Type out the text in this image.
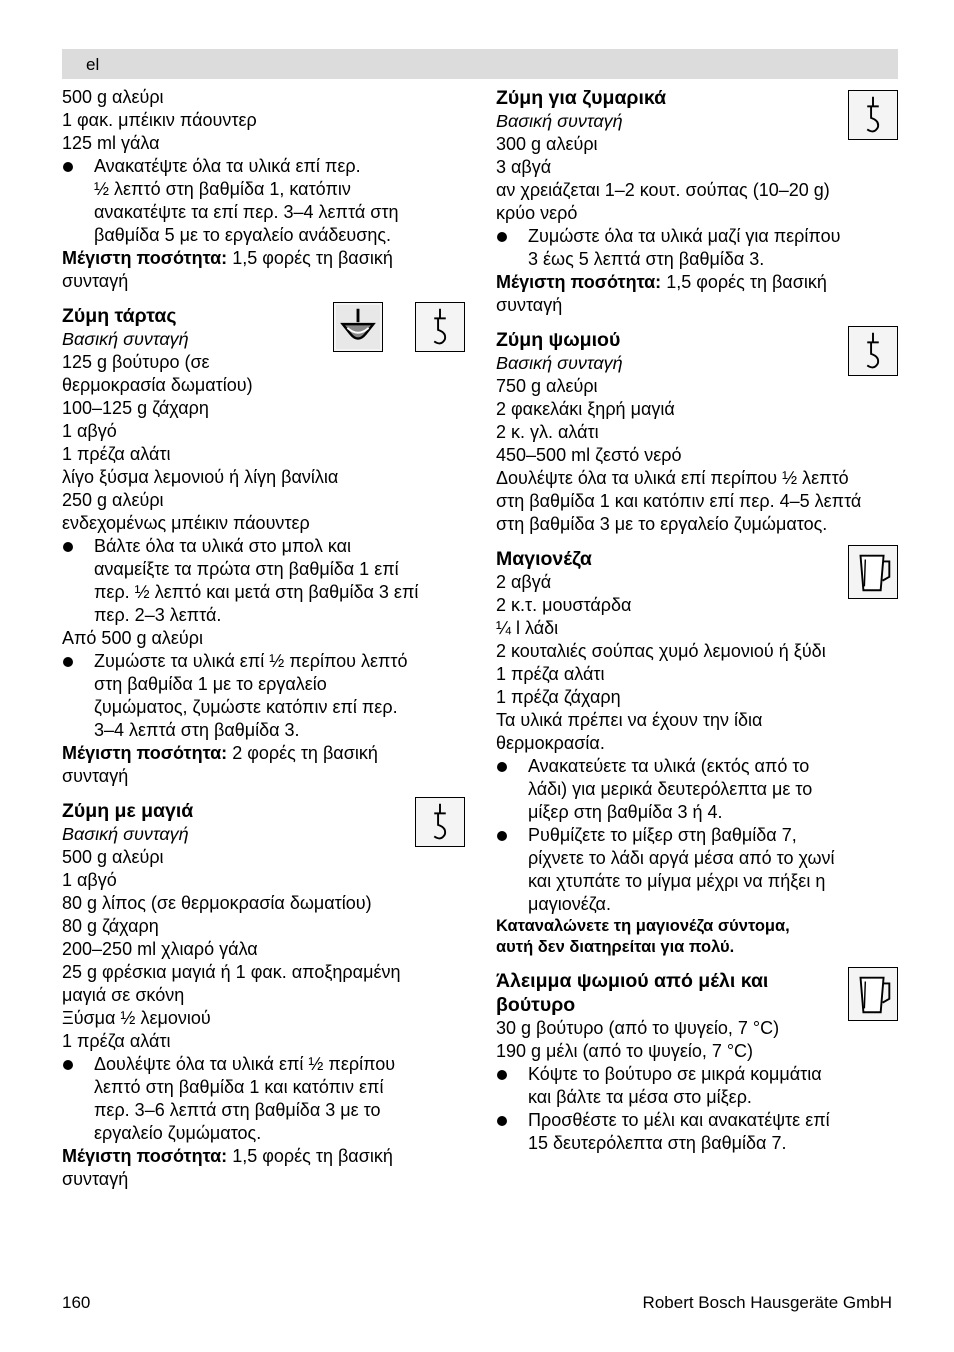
el
500 g αλεύρι
1 φακ. μπέικιν πάουντερ
125 ml γάλα
Ανακατέψτε όλα τα υλικά επί περ.
½ λεπτό στη βαθμίδα 1, κατόπιν
ανακατέψτε τα επί περ. 3–4 λεπτά στη
βαθμίδα 5 με το εργαλείο ανάδευσης.
Μέγιστη ποσότητα: 1,5 φορές τη βασική
συνταγή
Ζύμη τάρτας
Βασική συνταγή
125 g βούτυρο (σε
θερμοκρασία δωματίου)
100–125 g ζάχαρη
1 αβγό
1 πρέζα αλάτι
λίγο ξύσμα λεμονιού ή λίγη βανίλια
250 g αλεύρι
ενδεχομένως μπέικιν πάουντερ
Βάλτε όλα τα υλικά στο μπολ και
αναμείξτε τα πρώτα στη βαθμίδα 1 επί
περ. ½ λεπτό και μετά στη βαθμίδα 3 επί
περ. 2–3 λεπτά.
Από 500 g αλεύρι
Ζυμώστε τα υλικά επί ½ περίπου λεπτό
στη βαθμίδα 1 με το εργαλείο
ζυμώματος, ζυμώστε κατόπιν επί περ.
3–4 λεπτά στη βαθμίδα 3.
Μέγιστη ποσότητα: 2 φορές τη βασική
συνταγή
Ζύμη με μαγιά
Βασική συνταγή
500 g αλεύρι
1 αβγό
80 g λίπος (σε θερμοκρασία δωματίου)
80 g ζάχαρη
200–250 ml χλιαρό γάλα
25 g φρέσκια μαγιά ή 1 φακ. αποξηραμένη
μαγιά σε σκόνη
Ξύσμα ½ λεμονιού
1 πρέζα αλάτι
Δουλέψτε όλα τα υλικά επί ½ περίπου
λεπτό στη βαθμίδα 1 και κατόπιν επί
περ. 3–6 λεπτά στη βαθμίδα 3 με το
εργαλείο ζυμώματος.
Μέγιστη ποσότητα: 1,5 φορές τη βασική
συνταγή
Ζύμη για ζυμαρικά
Βασική συνταγή
300 g αλεύρι
3 αβγά
αν χρειάζεται 1–2 κουτ. σούπας (10–20 g)
κρύο νερό
Ζυμώστε όλα τα υλικά μαζί για περίπου
3 έως 5 λεπτά στη βαθμίδα 3.
Μέγιστη ποσότητα: 1,5 φορές τη βασική
συνταγή
Ζύμη ψωμιού
Βασική συνταγή
750 g αλεύρι
2 φακελάκι ξηρή μαγιά
2 κ. γλ. αλάτι
450–500 ml ζεστό νερό
Δουλέψτε όλα τα υλικά επί περίπου ½ λεπτό
στη βαθμίδα 1 και κατόπιν επί περ. 4–5 λεπτά
στη βαθμίδα 3 με το εργαλείο ζυμώματος.
Μαγιονέζα
2 αβγά
2 κ.τ. μουστάρδα
¼ l λάδι
2 κουταλιές σούπας χυμό λεμονιού ή ξύδι
1 πρέζα αλάτι
1 πρέζα ζάχαρη
Τα υλικά πρέπει να έχουν την ίδια
θερμοκρασία.
Ανακατεύετε τα υλικά (εκτός από το
λάδι) για μερικά δευτερόλεπτα με το
μίξερ στη βαθμίδα 3 ή 4.
Ρυθμίζετε το μίξερ στη βαθμίδα 7,
ρίχνετε το λάδι αργά μέσα από το χωνί
και χτυπάτε το μίγμα μέχρι να πήξει η
μαγιονέζα.
Καταναλώνετε τη μαγιονέζα σύντομα,
αυτή δεν διατηρείται για πολύ.
Άλειμμα ψωμιού από μέλι και
βούτυρο
30 g βούτυρο (από το ψυγείο, 7 °C)
190 g μέλι (από το ψυγείο, 7 °C)
Κόψτε το βούτυρο σε μικρά κομμάτια
και βάλτε τα μέσα στο μίξερ.
Προσθέστε το μέλι και ανακατέψτε επί
15 δευτερόλεπτα στη βαθμίδα 7.
160	Robert Bosch Hausgeräte GmbH
